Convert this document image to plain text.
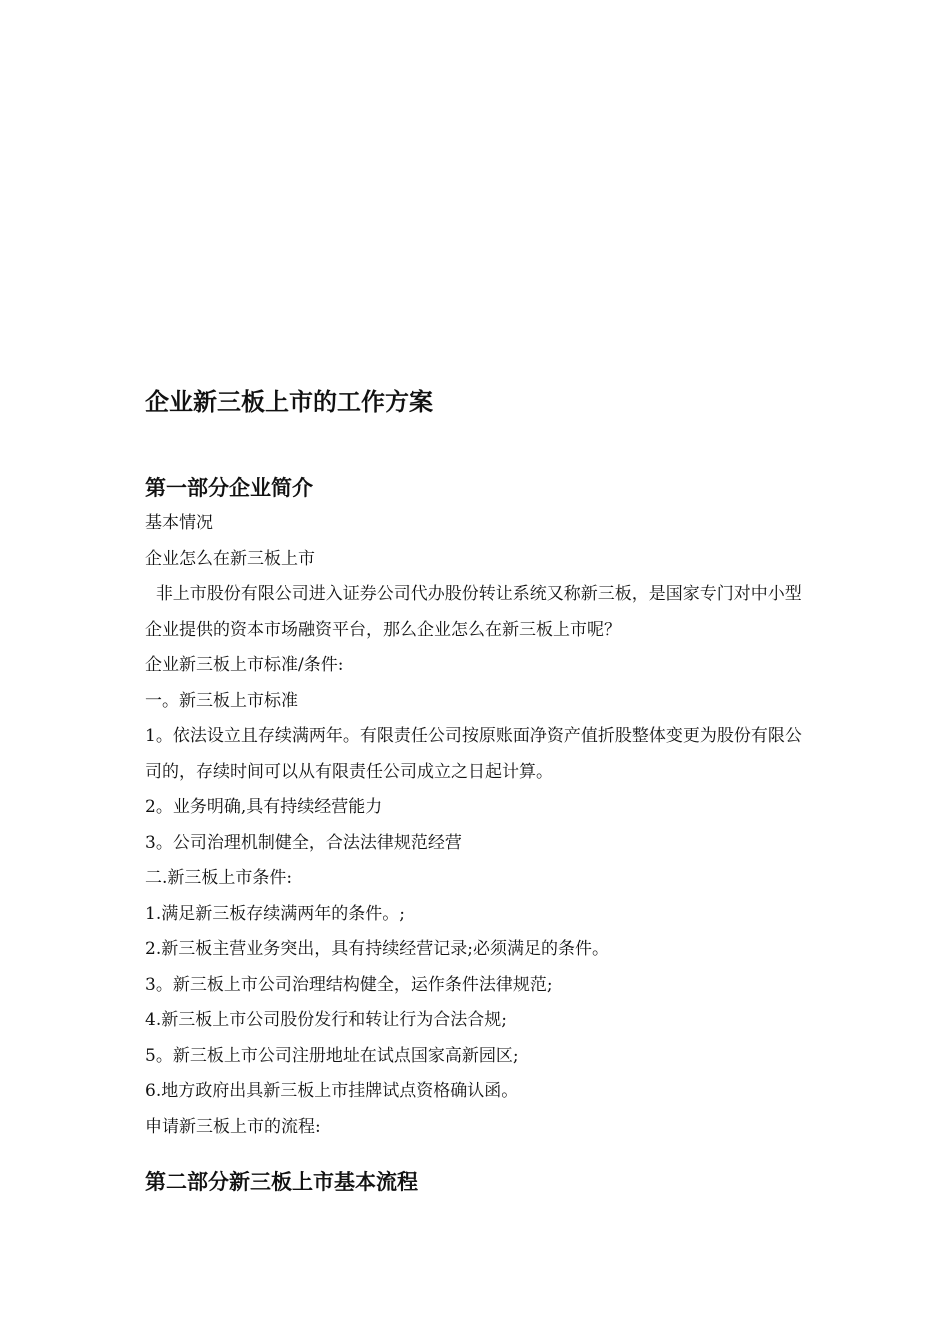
企业新三板上市的工作方案
第一部分企业简介

基本情况

企业怎么在新三板上市

非上市股份有限公司进入证券公司代办股份转让系统又称新三板，是国家专门对中小型企业提供的资本市场融资平台，那么企业怎么在新三板上市呢？

企业新三板上市标准/条件:

一。新三板上市标准

1。依法设立且存续满两年。有限责任公司按原账面净资产值折股整体变更为股份有限公司的，存续时间可以从有限责任公司成立之日起计算。

2。业务明确,具有持续经营能力

3。公司治理机制健全，合法法律规范经营

二.新三板上市条件:

1.满足新三板存续满两年的条件。;

2.新三板主营业务突出，具有持续经营记录;必须满足的条件。

3。新三板上市公司治理结构健全，运作条件法律规范;

4.新三板上市公司股份发行和转让行为合法合规;

5。新三板上市公司注册地址在试点国家高新园区;

6.地方政府出具新三板上市挂牌试点资格确认函。

申请新三板上市的流程:

第二部分新三板上市基本流程
